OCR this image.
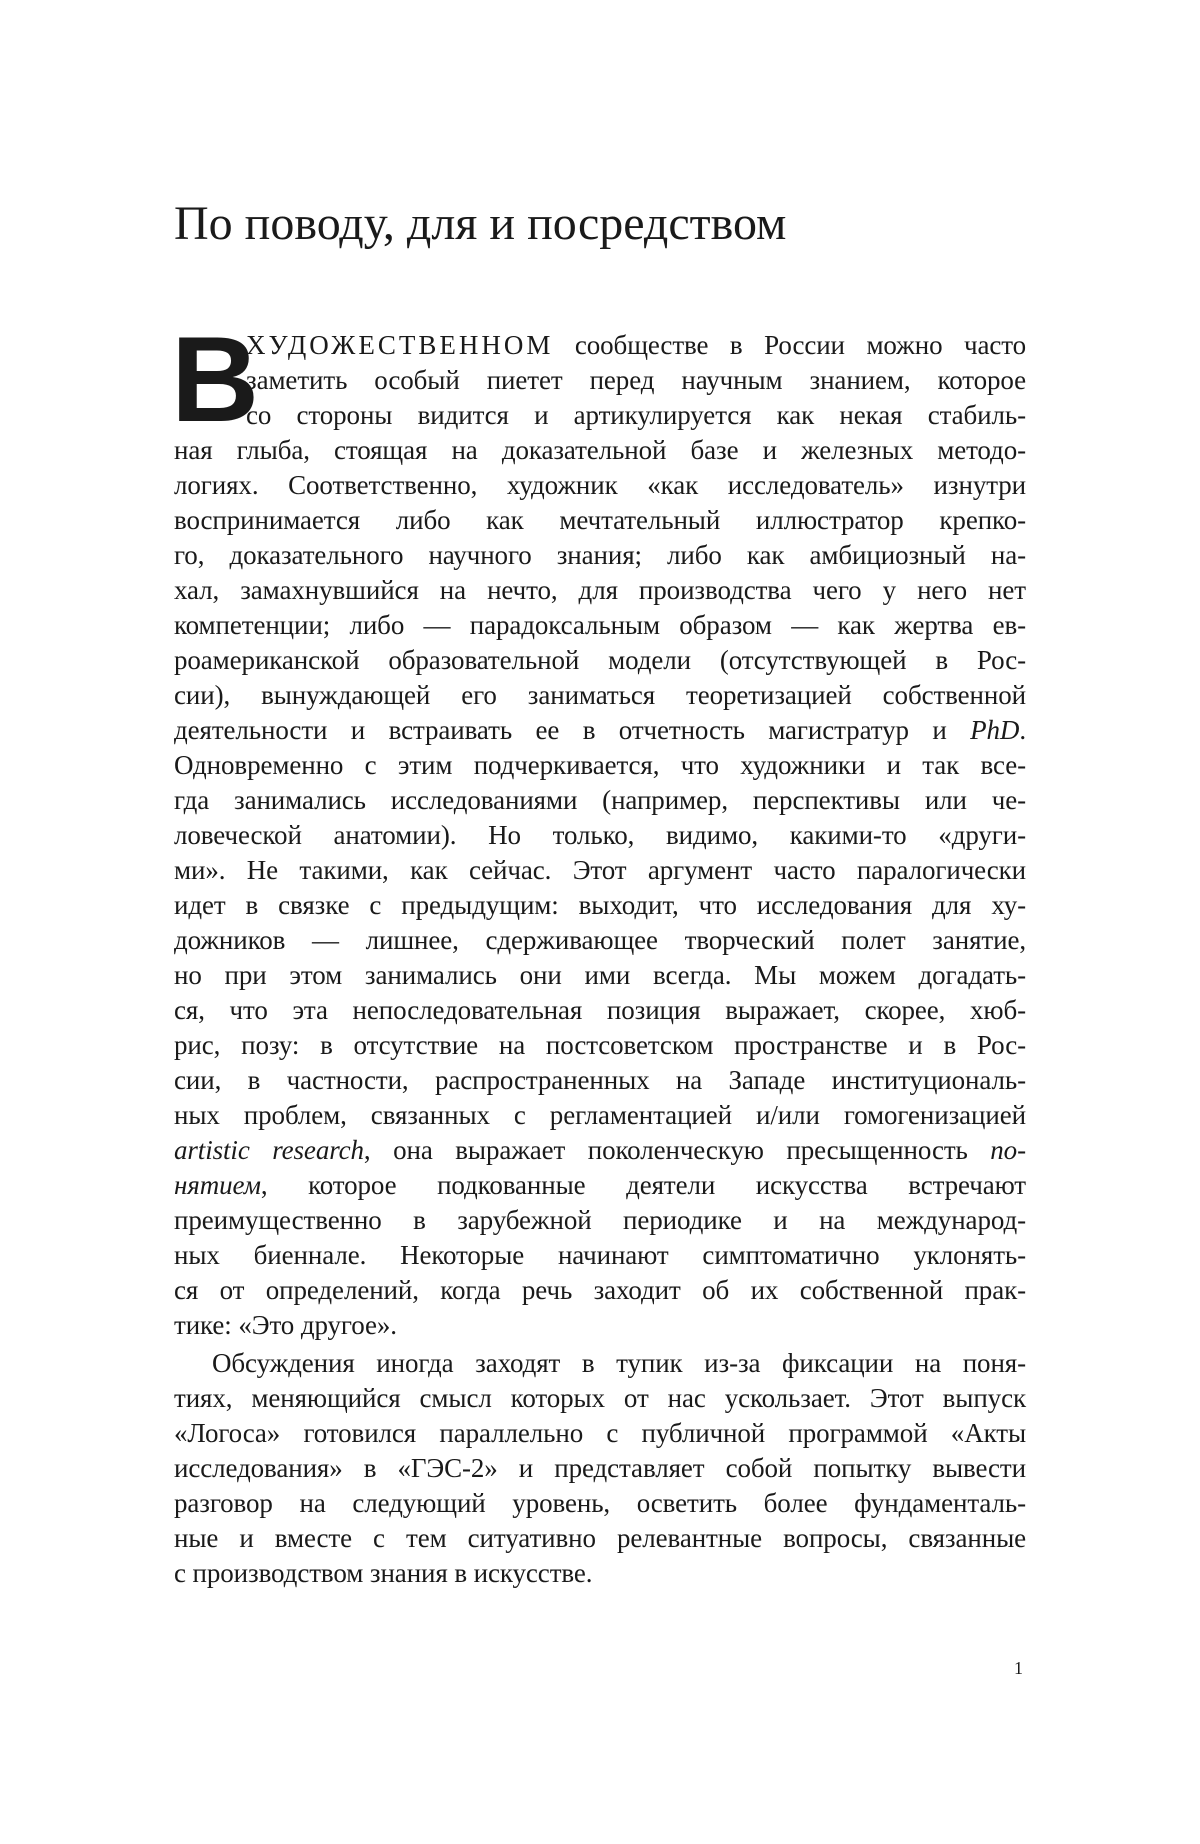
По поводу, для и посредством
В
ХУДОЖЕСТВЕННОМ сообществе в России можно часто
заметить особый пиетет перед научным знанием, которое
со стороны видится и артикулируется как некая стабиль-
ная глыба, стоящая на доказательной базе и железных методо-
логиях. Соответственно, художник «как исследователь» изнутри
воспринимается либо как мечтательный иллюстратор крепко-
го, доказательного научного знания; либо как амбициозный на-
хал, замахнувшийся на нечто, для производства чего у него нет
компетенции; либо — парадоксальным образом — как жертва ев-
роамериканской образовательной модели (отсутствующей в Рос-
сии), вынуждающей его заниматься теоретизацией собственной
деятельности и встраивать ее в отчетность магистратур и PhD.
Одновременно с этим подчеркивается, что художники и так все-
гда занимались исследованиями (например, перспективы или че-
ловеческой анатомии). Но только, видимо, какими-то «други-
ми». Не такими, как сейчас. Этот аргумент часто паралогически
идет в связке с предыдущим: выходит, что исследования для ху-
дожников — лишнее, сдерживающее творческий полет занятие,
но при этом занимались они ими всегда. Мы можем догадать-
ся, что эта непоследовательная позиция выражает, скорее, хюб-
рис, позу: в отсутствие на постсоветском пространстве и в Рос-
сии, в частности, распространенных на Западе институциональ-
ных проблем, связанных с регламентацией и/или гомогенизацией
artistic research, она выражает поколенческую пресыщенность по-
нятием, которое подкованные деятели искусства встречают
преимущественно в зарубежной периодике и на международ-
ных биеннале. Некоторые начинают симптоматично уклонять-
ся от определений, когда речь заходит об их собственной прак-
тике: «Это другое».
Обсуждения иногда заходят в тупик из-за фиксации на поня-
тиях, меняющийся смысл которых от нас ускользает. Этот выпуск
«Логоса» готовился параллельно с публичной программой «Акты
исследования» в «ГЭС-2» и представляет собой попытку вывести
разговор на следующий уровень, осветить более фундаменталь-
ные и вместе с тем ситуативно релевантные вопросы, связанные
с производством знания в искусстве.
1
